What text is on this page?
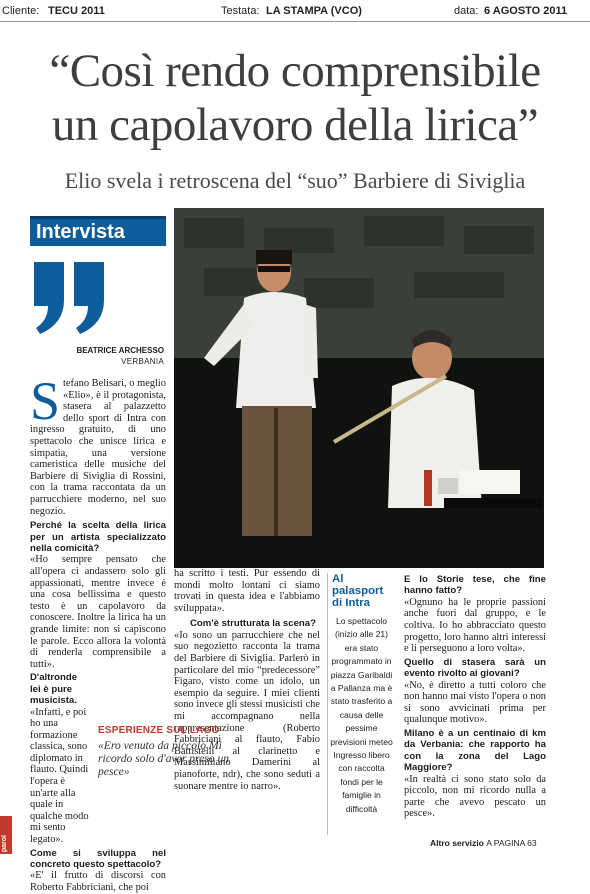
Cliente: TECU 2011	Testata: LA STAMPA (VCO)	data: 6 AGOSTO 2011
“Così rendo comprensibile
un capolavoro della lirica”
Elio svela i retroscena del “suo” Barbiere di Siviglia
Intervista
BEATRICE ARCHESSO
VERBANIA

Stefano Belisari, o meglio «Elio», è il protagonista, stasera al palazzetto dello sport di Intra con ingresso gratuito, di uno spettacolo che unisce lirica e simpatia, una versione cameristica delle musiche del Barbiere di Siviglia di Rossini, con la trama raccontata da un parrucchiere moderno, nel suo negozio.

Perché la scelta della lirica per un artista specializzato nella comicità?

«Ho sempre pensato che all'opera ci andassero solo gli appassionati, mentre invece è una cosa bellissima e questo testo è un capolavoro da conoscere. Inoltre la lirica ha un grande limite: non si capiscono le parole. Ecco allora la volontà di renderla comprensibile a tutti».

D'altronde lei è pure musicista.

«Infatti, e poi ho una formazione classica, sono diplomato in flauto. Quindi l'opera è un'arte alla quale in qualche modo mi sento legato».

Come si sviluppa nel concreto questo spettacolo?

«E' il frutto di discorsi con Roberto Fabbriciani, che poi

ha scritto i testi. Pur essendo di mondi molto lontani ci siamo trovati in questa idea e l'abbiamo sviluppata».

Com'è strutturata la scena?

«Io sono un parrucchiere che nel suo negozietto racconta la trama del Barbiere di Siviglia. Parlerò in particolare del mio “predecessore” Figaro, visto come un idolo, un esempio da seguire. I miei clienti sono invece gli stessi musicisti che mi accompagnano nella rappresentazione (Roberto Fabbriciani al flauto, Fabio Battistelli al clarinetto e Massimiliano Damerini al pianoforte, ndr), che sono seduti a suonare mentre io narro».

ESPERIENZE SUL LAGO
«Ero venuto da piccolo Mi ricordo solo d'aver preso un pesce»
Al palasport di Intra
Lo spettacolo (inizio alle 21) era stato programmato in piazza Garibaldi a Pallanza ma è stato trasferito a causa delle pessime previsioni meteo Ingresso libero con raccolta fondi per le famiglie in difficoltà

E lo Storie tese, che fine hanno fatto?

«Ognuno ha le proprie passioni anche fuori dal gruppo, e le coltiva. Io ho abbracciato questo progetto, loro hanno altri interessi e li perseguono a loro volta».

Quello di stasera sarà un evento rivolto ai giovani?

«No, è diretto a tutti coloro che non hanno mai visto l'opera o non si sono avvicinati prima per qualunque motivo».

Milano è a un centinaio di km da Verbania: che rapporto ha con la zona del Lago Maggiore?

«In realtà ci sono stato solo da piccolo, non mi ricordo nulla a parte che avevo pescato un pesce».

Altro servizio A PAGINA 63
parol
